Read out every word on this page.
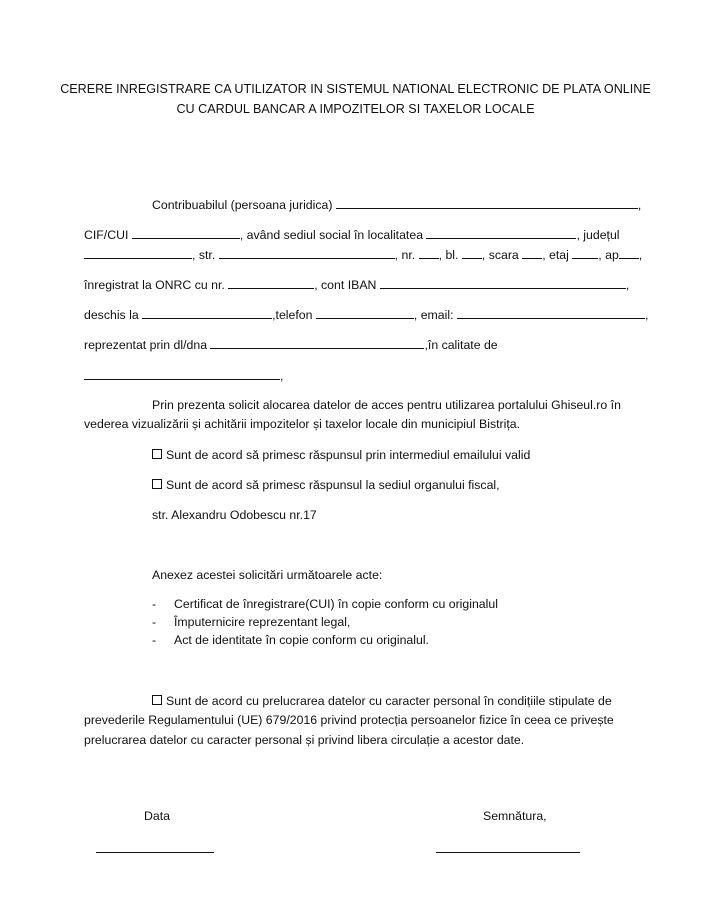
CERERE INREGISTRARE CA UTILIZATOR IN SISTEMUL NATIONAL ELECTRONIC DE PLATA ONLINE
CU CARDUL BANCAR A IMPOZITELOR SI TAXELOR LOCALE
Contribuabilul (persoana juridica)	,
CIF/CUI	, având sediul social în localitatea	, județul
, str.	, nr. , bl. , scara , etaj , ap ,
înregistrat la ONRC cu nr.	, cont IBAN	,
deschis la	,telefon	, email:	,
reprezentat prin dl/dna	,în calitate de
,
Prin prezenta solicit alocarea datelor de acces pentru utilizarea portalului Ghiseul.ro în
vederea vizualizării și achitării impozitelor și taxelor locale din municipiul Bistrița.
Sunt de acord să primesc răspunsul prin intermediul emailului valid
Sunt de acord să primesc răspunsul la sediul organului fiscal,
str. Alexandru Odobescu nr.17
Anexez acestei solicitări următoarele acte:
- Certificat de înregistrare(CUI) în copie conform cu originalul
- Împuternicire reprezentant legal,
- Act de identitate în copie conform cu originalul.
Sunt de acord cu prelucrarea datelor cu caracter personal în condițiile stipulate de
prevederile Regulamentului (UE) 679/2016 privind protecția persoanelor fizice în ceea ce privește
prelucrarea datelor cu caracter personal și privind libera circulație a acestor date.
Data	Semnătura,
